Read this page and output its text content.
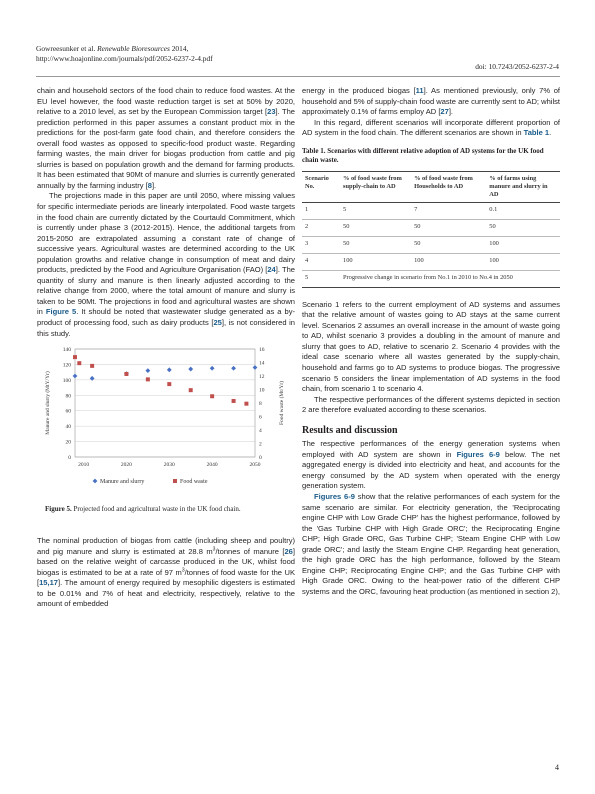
Gowreesunker et al. Renewable Bioresources 2014,
http://www.hoajonline.com/journals/pdf/2052-6237-2-4.pdf
doi: 10.7243/2052-6237-2-4

chain and household sectors of the food chain to reduce food wastes. At the EU level however, the food waste reduction target is set at 50% by 2020, relative to a 2010 level, as set by the European Commission target [23]. The prediction performed in this paper assumes a constant product mix in the predictions for the post-farm gate food chain, and therefore considers the overall food wastes as opposed to specific-food product waste. Regarding farming wastes, the main driver for biogas production from cattle and pig slurries is based on population growth and the demand for farming products. It has been estimated that 90Mt of manure and slurries is currently generated annually by the farming industry [8].

The projections made in this paper are until 2050, where missing values for specific intermediate periods are linearly interpolated. Food waste targets in the food chain are currently dictated by the Courtauld Commitment, which is currently under phase 3 (2012-2015). Hence, the additional targets from 2015-2050 are extrapolated assuming a constant rate of change of successive years. Agricultural wastes are determined according to the UK population growths and relative change in consumption of meat and dairy products, predicted by the Food and Agriculture Organisation (FAO) [24]. The quantity of slurry and manure is then linearly adjusted according to the relative change from 2000, where the total amount of manure and slurry is taken to be 90Mt. The projections in food and agricultural wastes are shown in Figure 5. It should be noted that wastewater sludge generated as a by-product of processing food, such as dairy products [25], is not considered in this study.

0
20
40
60
80
100
120
140
0
2
4
6
8
10
12
14
16
2010	2020	2030	2040	2050
Manure and slurry (MtY/Yr)	Food waste (Mt/Yr)
Manure and slurry	Food waste
Figure 5. Projected food and agricultural waste in the UK food chain.

The nominal production of biogas from cattle (including sheep and poultry) and pig manure and slurry is estimated at 28.8 $m^3$/tonnes of manure [26] based on the relative weight of carcasse produced in the UK, whilst food biogas is estimated to be at a rate of 97 $m^3$/tonnes of food waste for the UK [15,17]. The amount of energy required by mesophilic digesters is estimated to be 0.01% and 7% of heat and electricity, respectively, relative to the amount of embedded

energy in the produced biogas [11]. As mentioned previously, only 7% of household and 5% of supply-chain food waste are currently sent to AD; whilst approximately 0.1% of farms employ AD [27].

In this regard, different scenarios will incorporate different proportion of AD system in the food chain. The different scenarios are shown in Table 1.

Table 1. Scenarios with different relative adoption of AD systems for the UK food chain waste.
Scenario No.	% of food waste from supply-chain to AD	% of food waste from Households to AD	% of farms using manure and slurry in AD
1	5	7	0.1
2	50	50	50
3	50	50	100
4	100	100	100
5	Progressive change in scenario from No.1 in 2010 to No.4 in 2050		

Scenario 1 refers to the current employment of AD systems and assumes that the relative amount of wastes going to AD stays at the same current level. Scenarios 2 assumes an overall increase in the amount of waste going to AD, whilst scenario 3 provides a doubling in the amount of manure and slurry that goes to AD, relative to scenario 2. Scenario 4 provides with the ideal case scenario where all wastes generated by the supply-chain, household and farms go to AD systems to produce biogas. The progressive scenario 5 considers the linear implementation of AD systems in the food chain, from scenario 1 to scenario 4.

The respective performances of the different systems depicted in section 2 are therefore evaluated according to these scenarios.

Results and discussion

The respective performances of the energy generation systems when employed with AD system are shown in Figures 6-9 below. The net aggregated energy is divided into electricity and heat, and accounts for the energy consumed by the AD system when operated with the energy generation system.

Figures 6-9 show that the relative performances of each system for the same scenario are similar. For electricity generation, the 'Reciprocating engine CHP with Low Grade CHP' has the highest performance, followed by the 'Gas Turbine CHP with High Grade ORC'; the Reciprocating Engine CHP; High Grade ORC, Gas Turbine CHP; 'Steam Engine CHP with Low grade ORC'; and lastly the Steam Engine CHP. Regarding heat generation, the high grade ORC has the high performance, followed by the Steam Engine CHP; Reciprocating Engine CHP; and the Gas Turbine CHP with High Grade ORC. Owing to the heat-power ratio of the different CHP systems and the ORC, favouring heat production (as mentioned in section 2),

4
